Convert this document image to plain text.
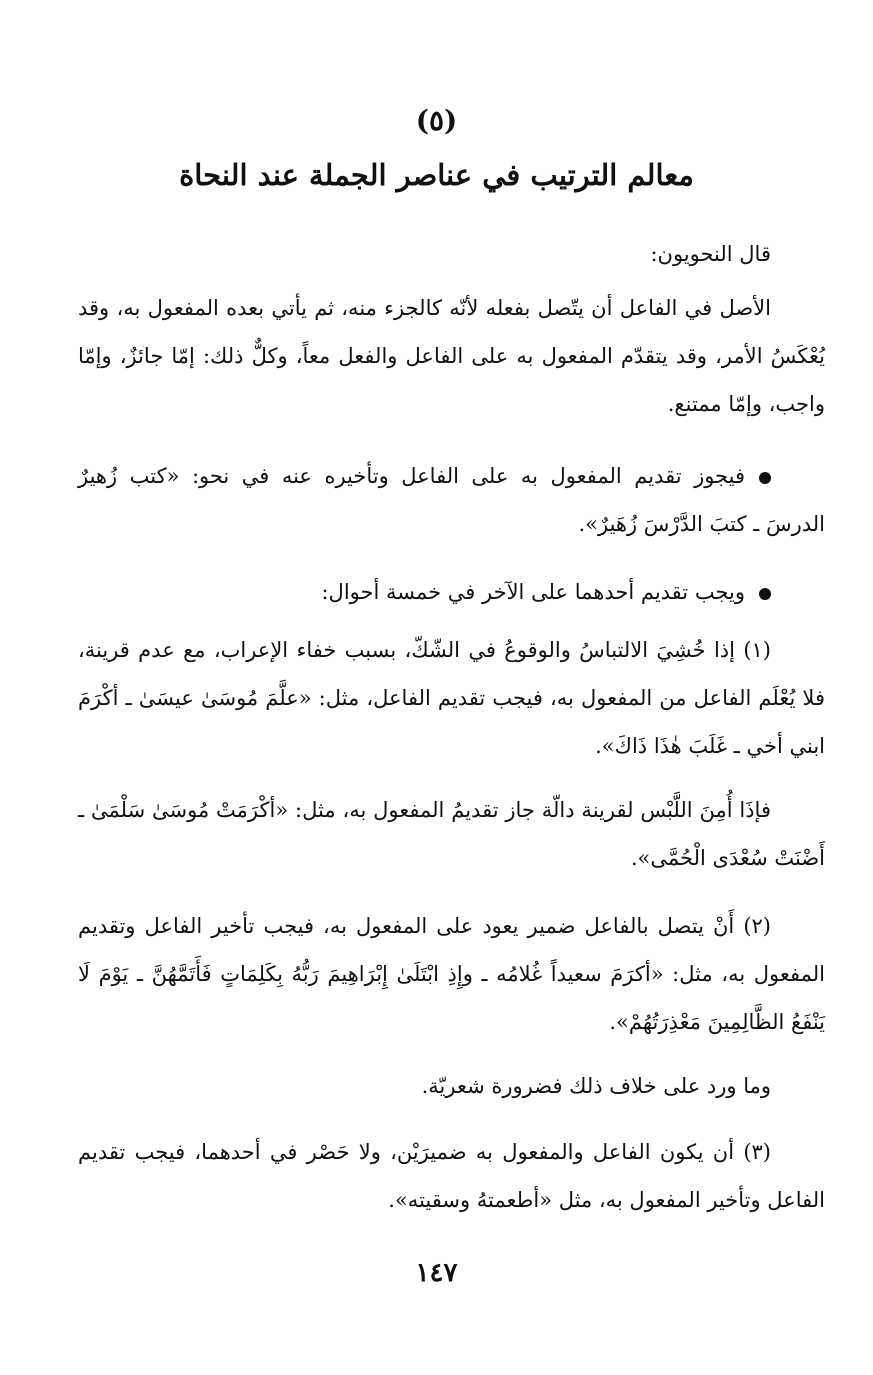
(٥)
معالم الترتيب في عناصر الجملة عند النحاة
قال النحويون:
الأصل في الفاعل أن يتّصل بفعله لأنّه كالجزء منه، ثم يأتي بعده المفعول به، وقد يُعْكَسُ الأمر، وقد يتقدّم المفعول به على الفاعل والفعل معاً، وكلٌّ ذلك: إمّا جائزٌ، وإمّا واجب، وإمّا ممتنع.
فيجوز تقديم المفعول به على الفاعل وتأخيره عنه في نحو: «كتب زُهيرٌ الدرسَ ـ كتبَ الدَّرْسَ زُهَيرٌ».
ويجب تقديم أحدهما على الآخر في خمسة أحوال:
(١) إذا خُشِيَ الالتباسُ والوقوعُ في الشّكّ، بسبب خفاء الإعراب، مع عدم قرينة، فلا يُعْلَم الفاعل من المفعول به، فيجب تقديم الفاعل، مثل: «علَّمَ مُوسَىٰ عيسَىٰ ـ أكْرَمَ ابني أخي ـ غَلَبَ هٰذَا ذَاكَ».
فإذَا أُمِنَ اللَّبْس لقرينة دالّة جاز تقديمُ المفعول به، مثل: «أكْرَمَتْ مُوسَىٰ سَلْمَىٰ ـ أَضْنَتْ سُعْدَى الْحُمَّى».
(٢) أَنْ يتصل بالفاعل ضمير يعود على المفعول به، فيجب تأخير الفاعل وتقديم المفعول به، مثل: «أكرَمَ سعيداً غُلامُه ـ وإِذِ ابْتَلَىٰ إِبْرَاهِيمَ رَبُّهُ بِكَلِمَاتٍ فَأَتَمَّهُنَّ ـ يَوْمَ لَا يَنْفَعُ الظَّالِمِينَ مَعْذِرَتُهُمْ».
وما ورد على خلاف ذلك فضرورة شعريّة.
(٣) أن يكون الفاعل والمفعول به ضميرَيْن، ولا حَصْر في أحدهما، فيجب تقديم الفاعل وتأخير المفعول به، مثل «أطعمتهُ وسقيته».
١٤٧
